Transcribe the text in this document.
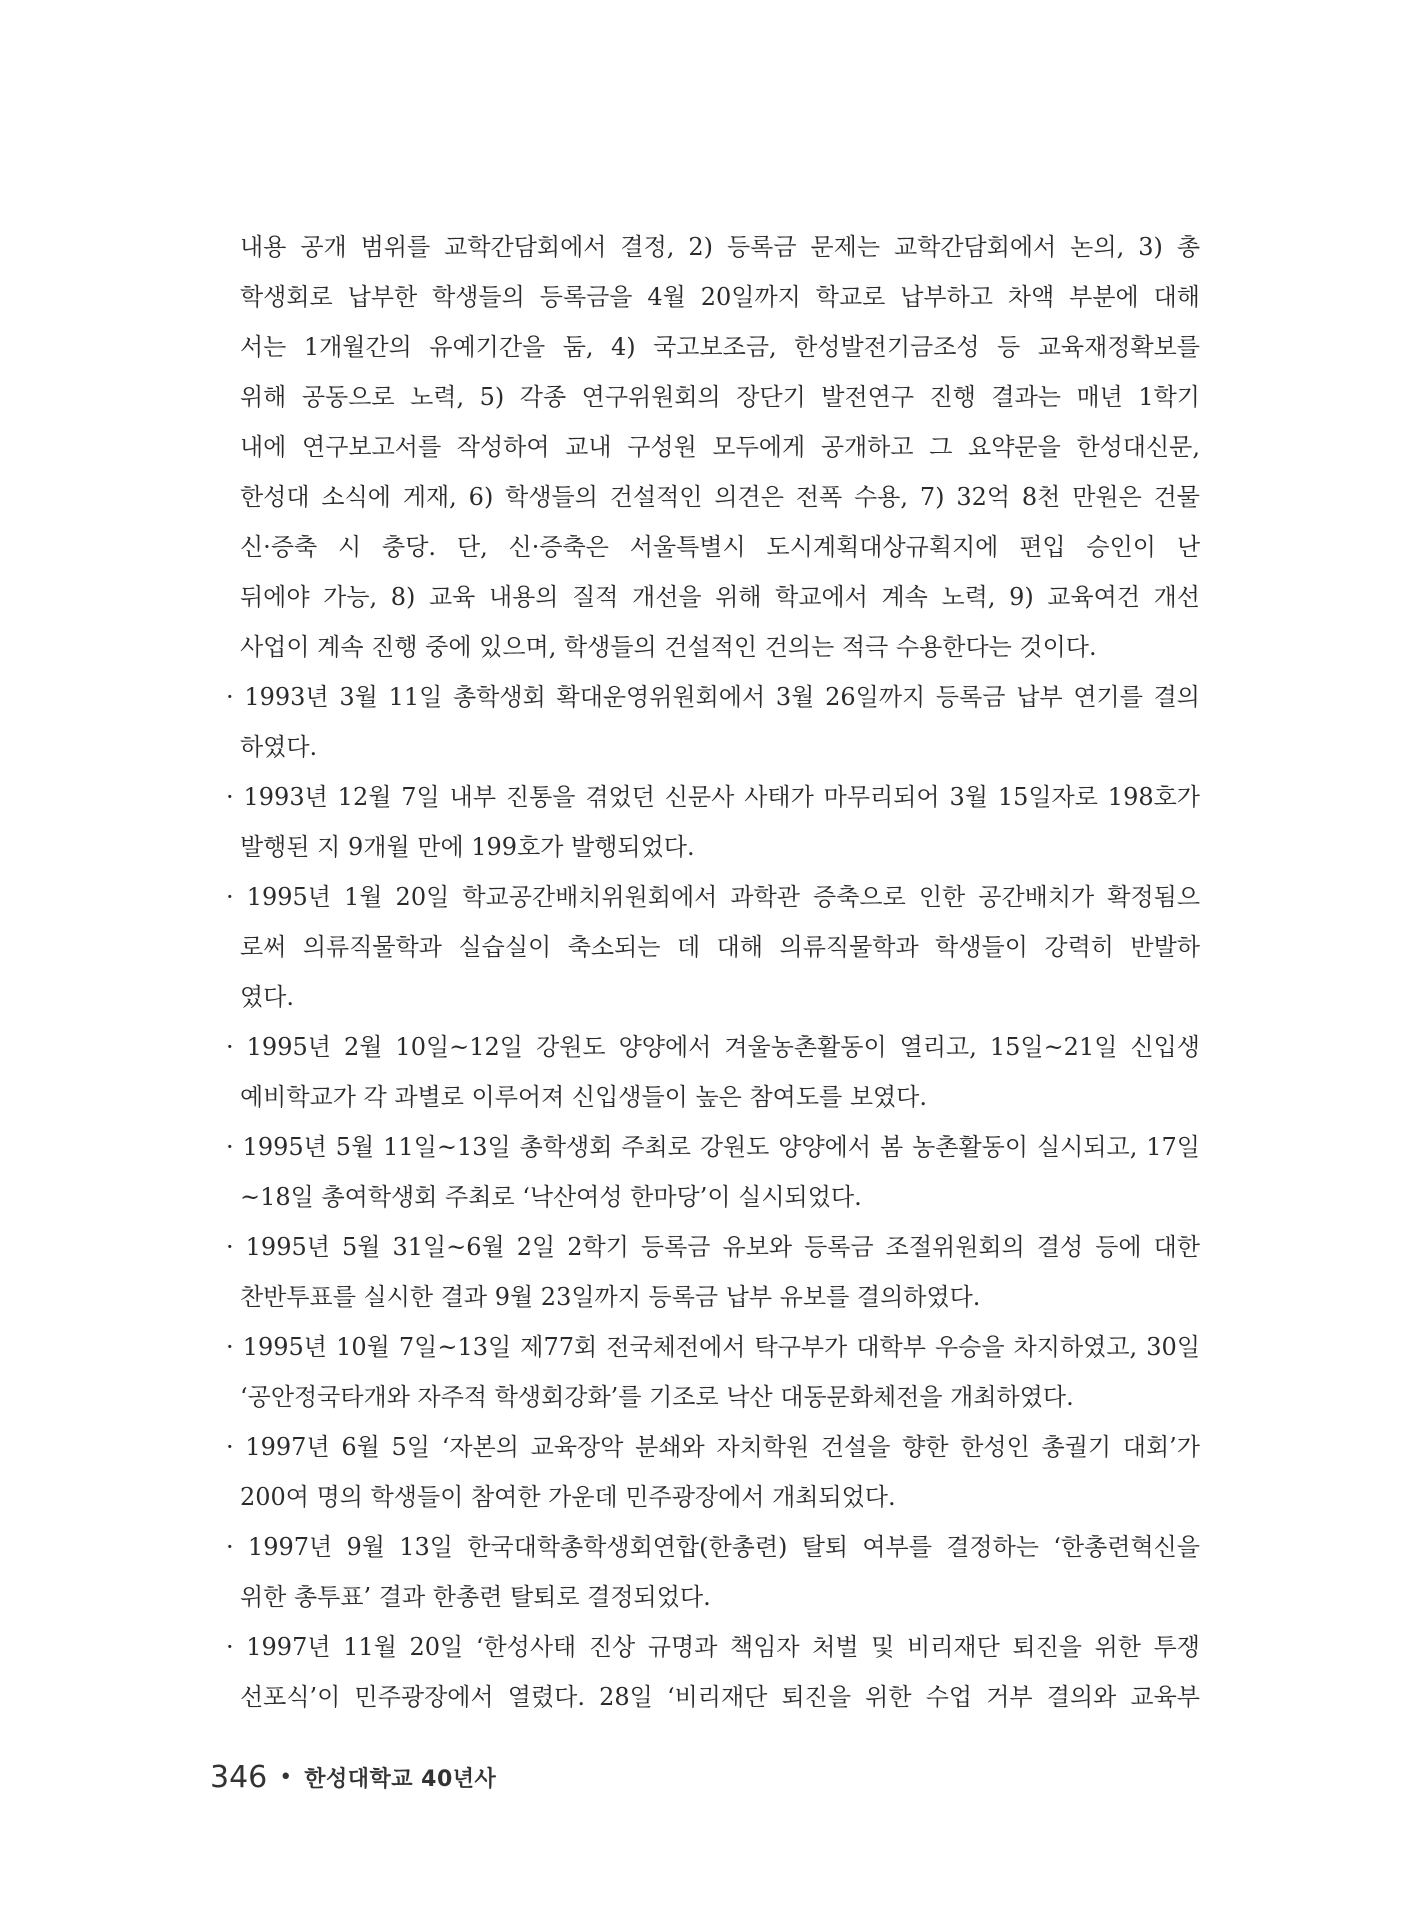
내용 공개 범위를 교학간담회에서 결정, 2) 등록금 문제는 교학간담회에서 논의, 3) 총
학생회로 납부한 학생들의 등록금을 4월 20일까지 학교로 납부하고 차액 부분에 대해
서는 1개월간의 유예기간을 둠, 4) 국고보조금, 한성발전기금조성 등 교육재정확보를
위해 공동으로 노력, 5) 각종 연구위원회의 장단기 발전연구 진행 결과는 매년 1학기
내에 연구보고서를 작성하여 교내 구성원 모두에게 공개하고 그 요약문을 한성대신문,
한성대 소식에 게재, 6) 학생들의 건설적인 의견은 전폭 수용, 7) 32억 8천 만원은 건물
신·증축 시 충당. 단, 신·증축은 서울특별시 도시계획대상규획지에 편입 승인이 난
뒤에야 가능, 8) 교육 내용의 질적 개선을 위해 학교에서 계속 노력, 9) 교육여건 개선
사업이 계속 진행 중에 있으며, 학생들의 건설적인 건의는 적극 수용한다는 것이다.
· 1993년 3월 11일 총학생회 확대운영위원회에서 3월 26일까지 등록금 납부 연기를 결의
하였다.
· 1993년 12월 7일 내부 진통을 겪었던 신문사 사태가 마무리되어 3월 15일자로 198호가
발행된 지 9개월 만에 199호가 발행되었다.
· 1995년 1월 20일 학교공간배치위원회에서 과학관 증축으로 인한 공간배치가 확정됨으
로써 의류직물학과 실습실이 축소되는 데 대해 의류직물학과 학생들이 강력히 반발하
였다.
· 1995년 2월 10일~12일 강원도 양양에서 겨울농촌활동이 열리고, 15일~21일 신입생
예비학교가 각 과별로 이루어져 신입생들이 높은 참여도를 보였다.
· 1995년 5월 11일~13일 총학생회 주최로 강원도 양양에서 봄 농촌활동이 실시되고, 17일
~18일 총여학생회 주최로 ‘낙산여성 한마당’이 실시되었다.
· 1995년 5월 31일~6월 2일 2학기 등록금 유보와 등록금 조절위원회의 결성 등에 대한
찬반투표를 실시한 결과 9월 23일까지 등록금 납부 유보를 결의하였다.
· 1995년 10월 7일~13일 제77회 전국체전에서 탁구부가 대학부 우승을 차지하였고, 30일
‘공안정국타개와 자주적 학생회강화’를 기조로 낙산 대동문화체전을 개최하였다.
· 1997년 6월 5일 ‘자본의 교육장악 분쇄와 자치학원 건설을 향한 한성인 총궐기 대회’가
200여 명의 학생들이 참여한 가운데 민주광장에서 개최되었다.
· 1997년 9월 13일 한국대학총학생회연합(한총련) 탈퇴 여부를 결정하는 ‘한총련혁신을
위한 총투표’ 결과 한총련 탈퇴로 결정되었다.
· 1997년 11월 20일 ‘한성사태 진상 규명과 책임자 처벌 및 비리재단 퇴진을 위한 투쟁
선포식’이 민주광장에서 열렸다. 28일 ‘비리재단 퇴진을 위한 수업 거부 결의와 교육부
346 • 한성대학교 40년사
